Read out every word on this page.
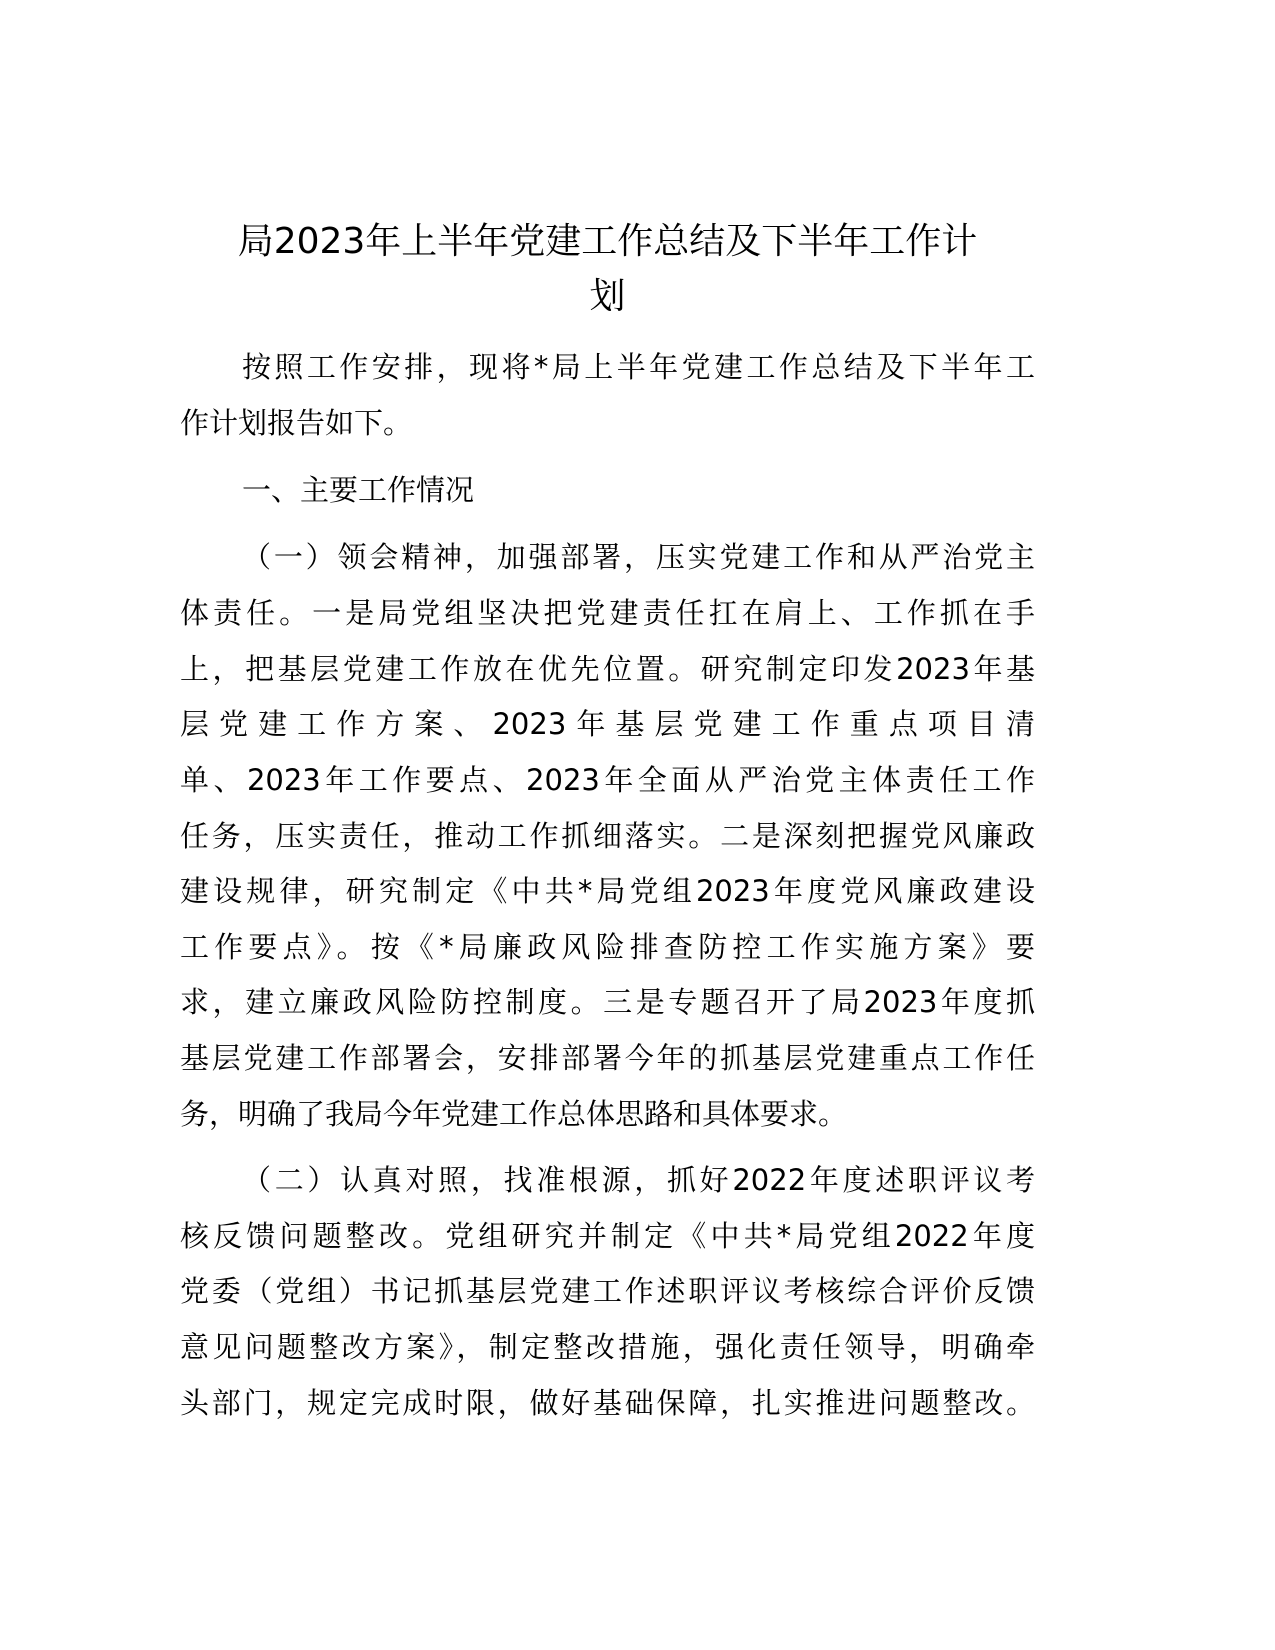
局2023年上半年党建工作总结及下半年工作计
划
按照工作安排，现将*局上半年党建工作总结及下半年工
作计划报告如下。
一、主要工作情况
（一）领会精神，加强部署，压实党建工作和从严治党主
体责任。一是局党组坚决把党建责任扛在肩上、工作抓在手
上，把基层党建工作放在优先位置。研究制定印发2023年基
层党建工作方案、2023年基层党建工作重点项目清
单、2023年工作要点、2023年全面从严治党主体责任工作
任务，压实责任，推动工作抓细落实。二是深刻把握党风廉政
建设规律，研究制定《中共*局党组2023年度党风廉政建设
工作要点》。按《*局廉政风险排查防控工作实施方案》要
求，建立廉政风险防控制度。三是专题召开了局2023年度抓
基层党建工作部署会，安排部署今年的抓基层党建重点工作任
务，明确了我局今年党建工作总体思路和具体要求。
（二）认真对照，找准根源，抓好2022年度述职评议考
核反馈问题整改。党组研究并制定《中共*局党组2022年度
党委（党组）书记抓基层党建工作述职评议考核综合评价反馈
意见问题整改方案》，制定整改措施，强化责任领导，明确牵
头部门，规定完成时限，做好基础保障，扎实推进问题整改。
